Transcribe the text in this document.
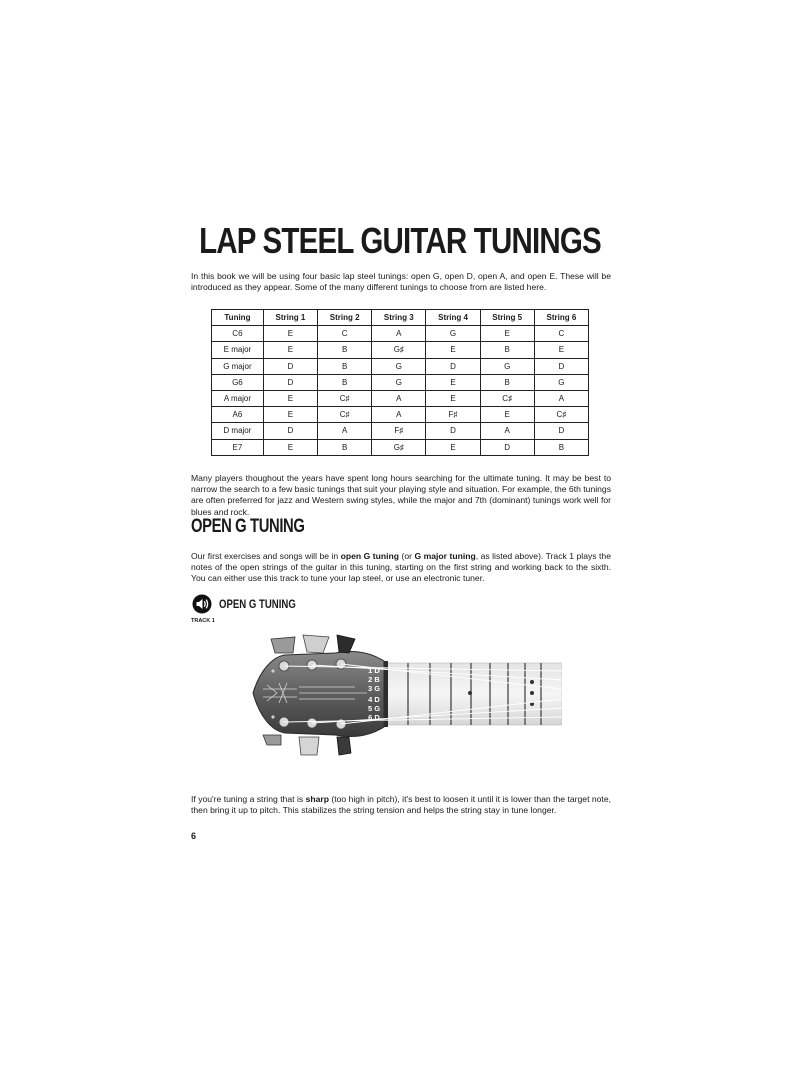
LAP STEEL GUITAR TUNINGS
In this book we will be using four basic lap steel tunings: open G, open D, open A, and open E. These will be introduced as they appear. Some of the many different tunings to choose from are listed here.
Tuning	String 1	String 2	String 3	String 4	String 5	String 6
C6	E	C	A	G	E	C
E major	E	B	G♯	E	B	E
G major	D	B	G	D	G	D
G6	D	B	G	E	B	G
A major	E	C♯	A	E	C♯	A
A6	E	C♯	A	F♯	E	C♯
D major	D	A	F♯	D	A	D
E7	E	B	G♯	E	D	B
Many players thoughout the years have spent long hours searching for the ultimate tuning. It may be best to narrow the search to a few basic tunings that suit your playing style and situation. For example, the 6th tunings are often preferred for jazz and Western swing styles, while the major and 7th (dominant) tunings work well for blues and rock.
OPEN G TUNING
Our first exercises and songs will be in open G tuning (or G major tuning, as listed above). Track 1 plays the notes of the open strings of the guitar in this tuning, starting on the first string and working back to the sixth. You can either use this track to tune your lap steel, or use an electronic tuner.
OPEN G TUNING
TRACK 1
1 D
2 B
3 G
4 D
5 G
6 D
If you're tuning a string that is sharp (too high in pitch), it's best to loosen it until it is lower than the target note, then bring it up to pitch. This stabilizes the string tension and helps the string stay in tune longer.
6
